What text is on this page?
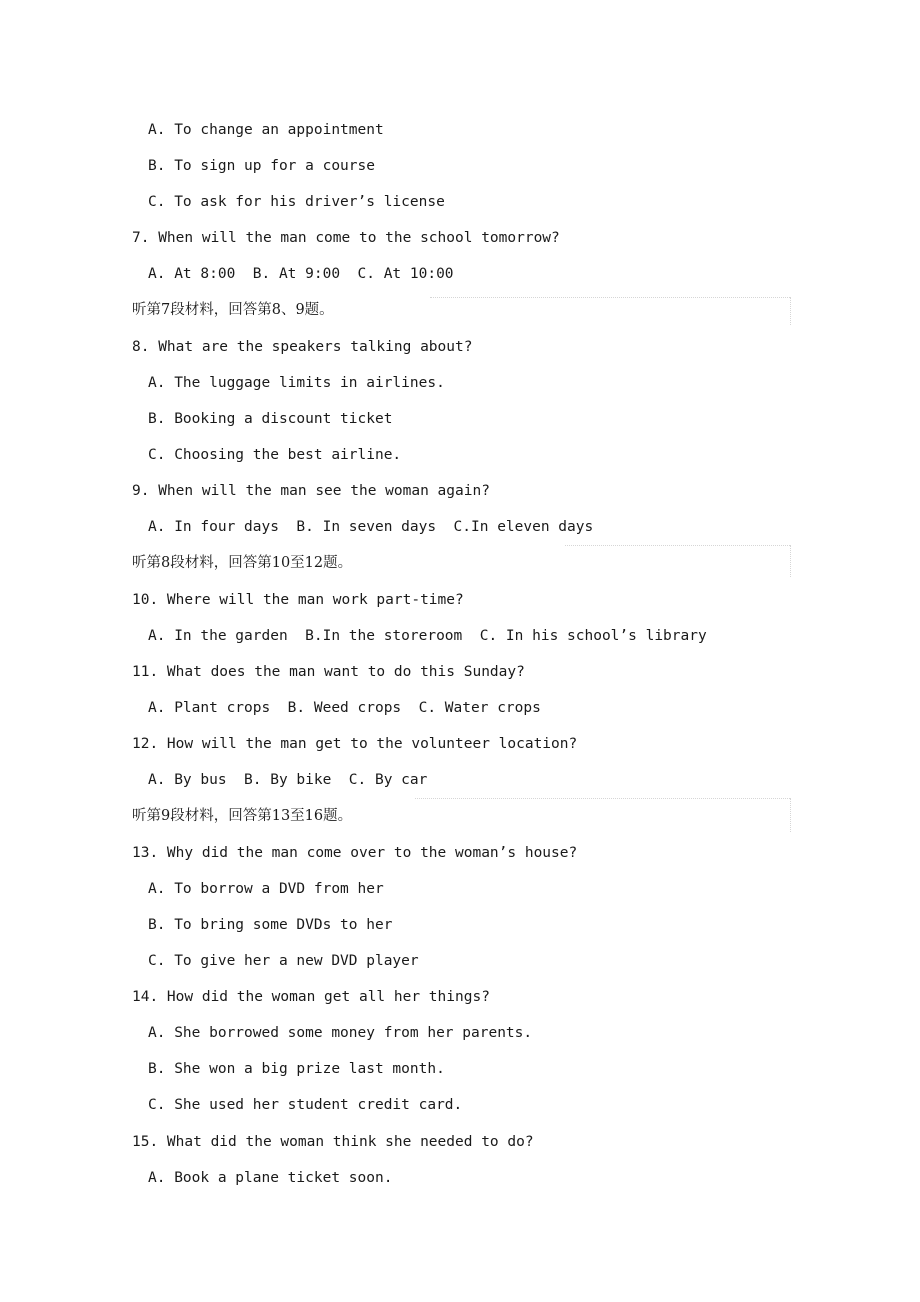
A. To change an appointment
B. To sign up for a course
C. To ask for his driver’s license
7. When will the man come to the school tomorrow?
A. At 8:00  B. At 9:00  C. At 10:00
听第7段材料，回答第8、9题。
8. What are the speakers talking about?
A. The luggage limits in airlines.
B. Booking a discount ticket
C. Choosing the best airline.
9. When will the man see the woman again?
A. In four days  B. In seven days  C.In eleven days
听第8段材料，回答第10至12题。
10. Where will the man work part-time?
A. In the garden  B.In the storeroom  C. In his school’s library
11. What does the man want to do this Sunday?
A. Plant crops  B. Weed crops  C. Water crops
12. How will the man get to the volunteer location?
A. By bus  B. By bike  C. By car
听第9段材料，回答第13至16题。
13. Why did the man come over to the woman’s house?
A. To borrow a DVD from her
B. To bring some DVDs to her
C. To give her a new DVD player
14. How did the woman get all her things?
A. She borrowed some money from her parents.
B. She won a big prize last month.
C. She used her student credit card.
15. What did the woman think she needed to do?
A. Book a plane ticket soon.
